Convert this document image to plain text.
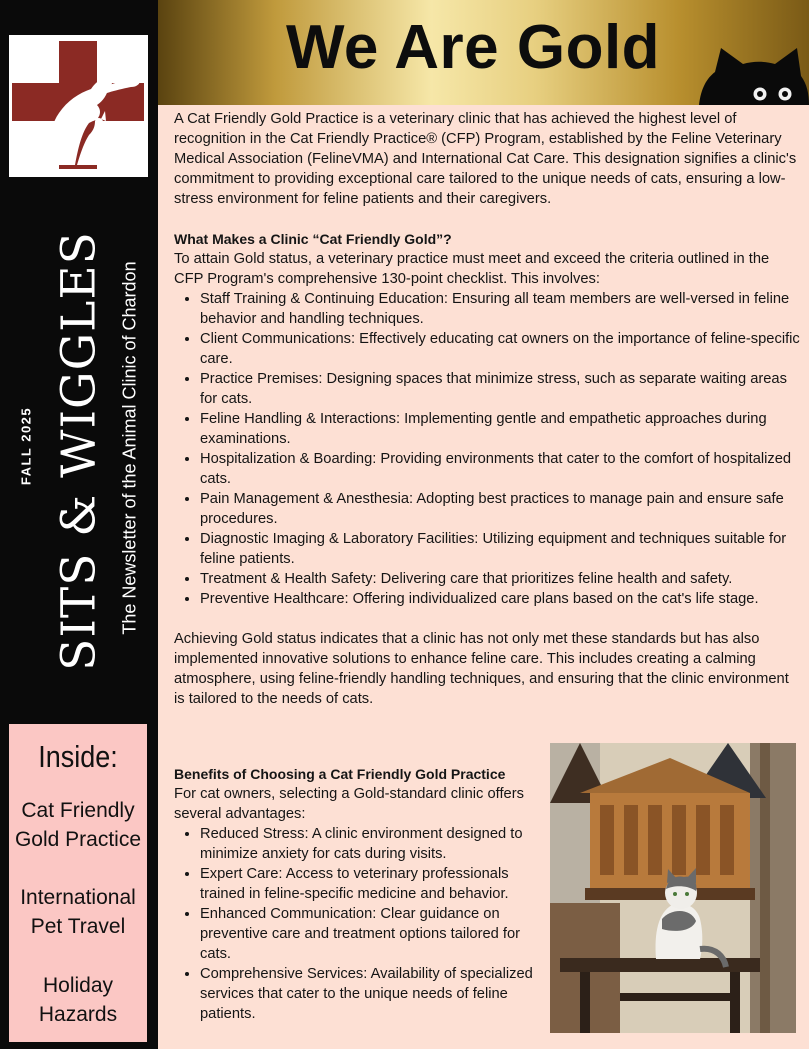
SITS & WIGGLES The Newsletter of the Animal Clinic of Chardon
FALL 2025
Inside:
Cat Friendly Gold Practice
International Pet Travel
Holiday Hazards
We Are Gold

A Cat Friendly Gold Practice is a veterinary clinic that has achieved the highest level of recognition in the Cat Friendly Practice® (CFP) Program, established by the Feline Veterinary Medical Association (FelineVMA) and International Cat Care. This designation signifies a clinic's commitment to providing exceptional care tailored to the unique needs of cats, ensuring a low-stress environment for feline patients and their caregivers.

What Makes a Clinic “Cat Friendly Gold”?

To attain Gold status, a veterinary practice must meet and exceed the criteria outlined in the CFP Program's comprehensive 130-point checklist. This involves:

• Staff Training & Continuing Education: Ensuring all team members are well-versed in feline behavior and handling techniques.
• Client Communications: Effectively educating cat owners on the importance of feline-specific care.
• Practice Premises: Designing spaces that minimize stress, such as separate waiting areas for cats.
• Feline Handling & Interactions: Implementing gentle and empathetic approaches during examinations.
• Hospitalization & Boarding: Providing environments that cater to the comfort of hospitalized cats.
• Pain Management & Anesthesia: Adopting best practices to manage pain and ensure safe procedures.
• Diagnostic Imaging & Laboratory Facilities: Utilizing equipment and techniques suitable for feline patients.
• Treatment & Health Safety: Delivering care that prioritizes feline health and safety.
• Preventive Healthcare: Offering individualized care plans based on the cat's life stage.

Achieving Gold status indicates that a clinic has not only met these standards but has also implemented innovative solutions to enhance feline care. This includes creating a calming atmosphere, using feline-friendly handling techniques, and ensuring that the clinic environment is tailored to the needs of cats.

Benefits of Choosing a Cat Friendly Gold Practice

For cat owners, selecting a Gold-standard clinic offers several advantages:

• Reduced Stress: A clinic environment designed to minimize anxiety for cats during visits.
• Expert Care: Access to veterinary professionals trained in feline-specific medicine and behavior.
• Enhanced Communication: Clear guidance on preventive care and treatment options tailored for cats.
• Comprehensive Services: Availability of specialized services that cater to the unique needs of feline patients.
